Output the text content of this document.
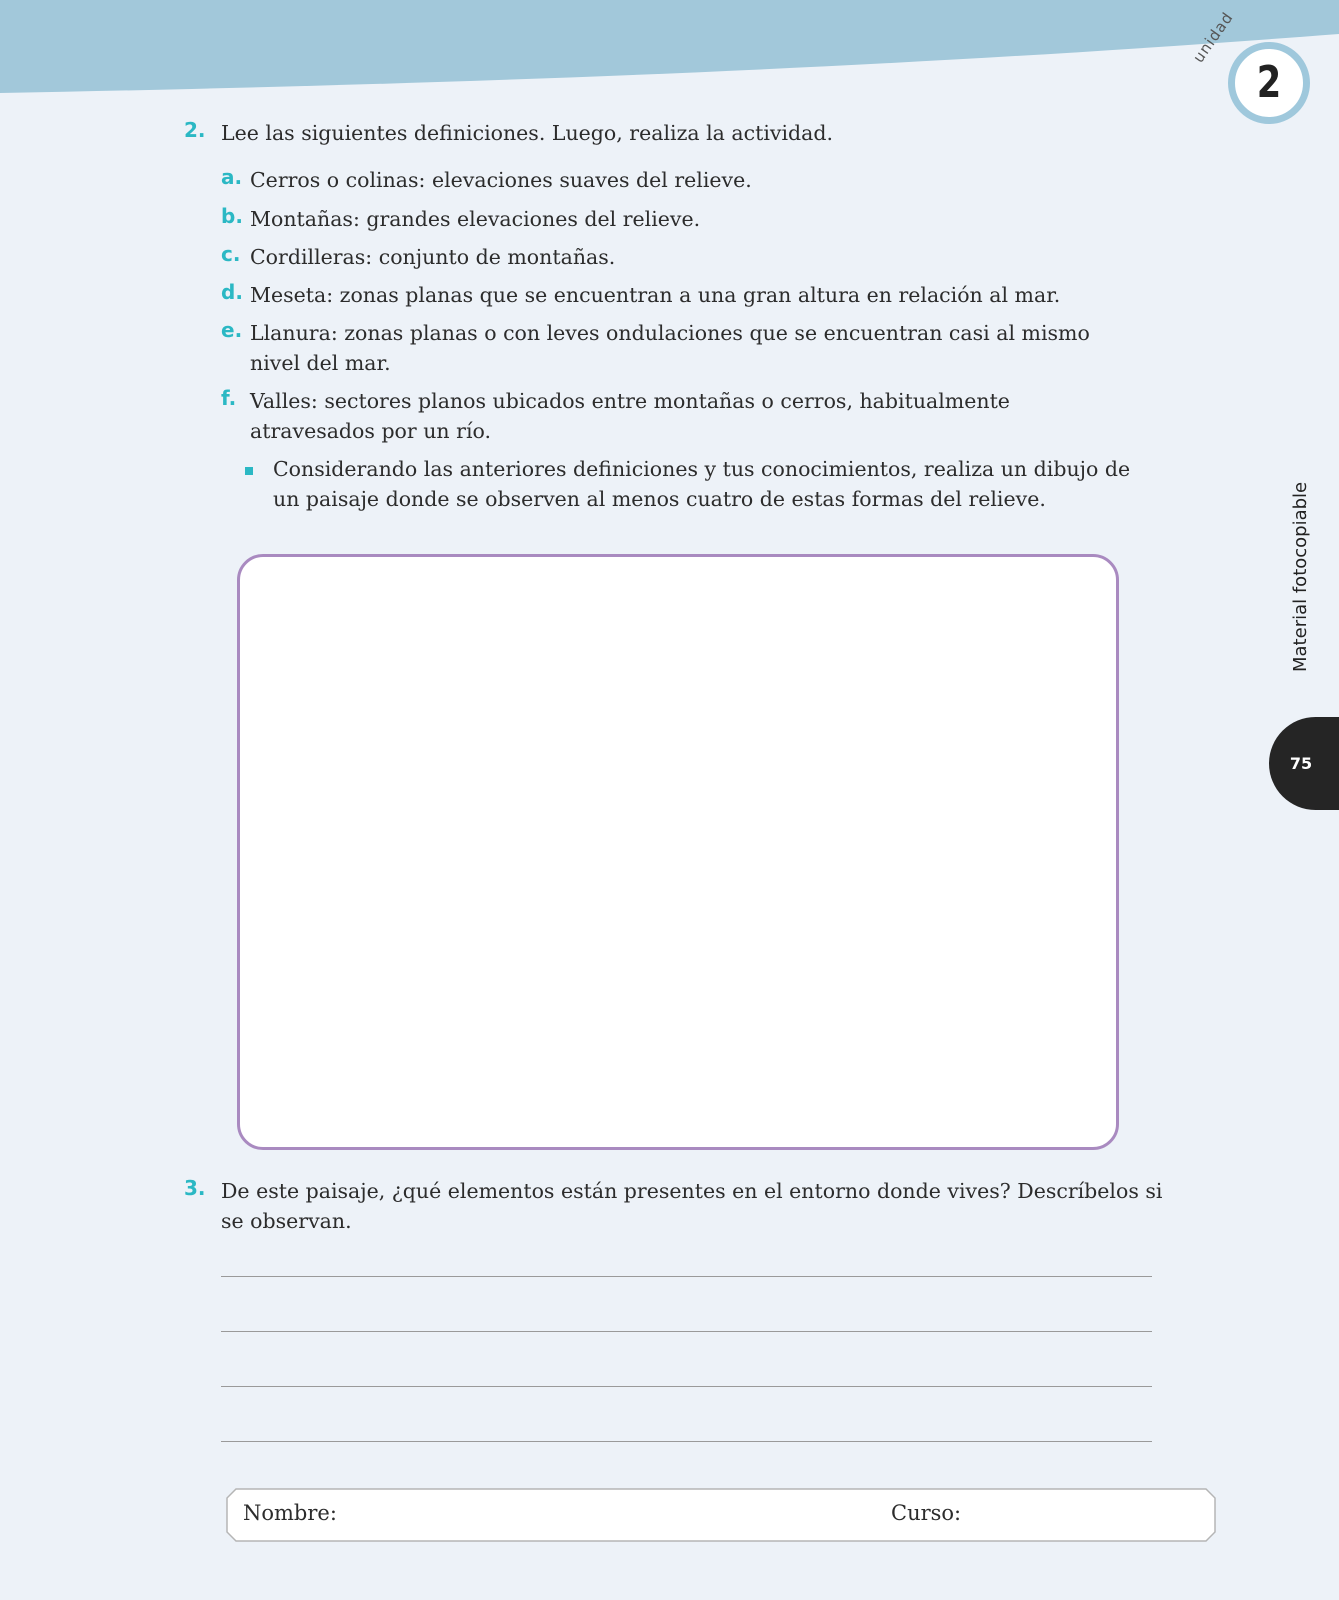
unidad
2
Material fotocopiable
75
2. Lee las siguientes definiciones. Luego, realiza la actividad.
a. Cerros o colinas: elevaciones suaves del relieve.
b. Montañas: grandes elevaciones del relieve.
c. Cordilleras: conjunto de montañas.
d. Meseta: zonas planas que se encuentran a una gran altura en relación al mar.
e. Llanura: zonas planas o con leves ondulaciones que se encuentran casi al mismo nivel del mar.
f. Valles: sectores planos ubicados entre montañas o cerros, habitualmente atravesados por un río.
Considerando las anteriores definiciones y tus conocimientos, realiza un dibujo de un paisaje donde se observen al menos cuatro de estas formas del relieve.
3. De este paisaje, ¿qué elementos están presentes en el entorno donde vives? Descríbelos si se observan.
Nombre:	Curso:
